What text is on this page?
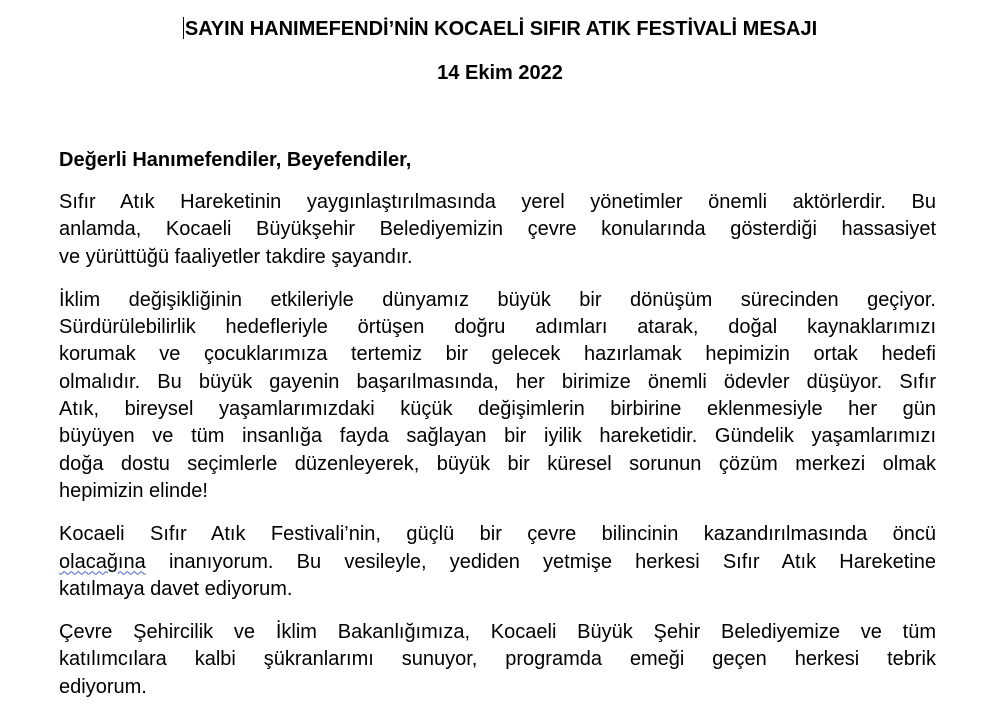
SAYIN HANIMEFENDİ’NİN KOCAELİ SIFIR ATIK FESTİVALİ MESAJI
14 Ekim 2022

Değerli Hanımefendiler, Beyefendiler,

Sıfır Atık Hareketinin yaygınlaştırılmasında yerel yönetimler önemli aktörlerdir. Bu
anlamda, Kocaeli Büyükşehir Belediyemizin çevre konularında gösterdiği hassasiyet
ve yürüttüğü faaliyetler takdire şayandır.
İklim değişikliğinin etkileriyle dünyamız büyük bir dönüşüm sürecinden geçiyor.
Sürdürülebilirlik hedefleriyle örtüşen doğru adımları atarak, doğal kaynaklarımızı
korumak ve çocuklarımıza tertemiz bir gelecek hazırlamak hepimizin ortak hedefi
olmalıdır. Bu büyük gayenin başarılmasında, her birimize önemli ödevler düşüyor. Sıfır
Atık, bireysel yaşamlarımızdaki küçük değişimlerin birbirine eklenmesiyle her gün
büyüyen ve tüm insanlığa fayda sağlayan bir iyilik hareketidir. Gündelik yaşamlarımızı
doğa dostu seçimlerle düzenleyerek, büyük bir küresel sorunun çözüm merkezi olmak
hepimizin elinde!
Kocaeli Sıfır Atık Festivali’nin, güçlü bir çevre bilincinin kazandırılmasında öncü
olacağına inanıyorum. Bu vesileyle, yediden yetmişe herkesi Sıfır Atık Hareketine
katılmaya davet ediyorum.
Çevre Şehircilik ve İklim Bakanlığımıza, Kocaeli Büyük Şehir Belediyemize ve tüm
katılımcılara kalbi şükranlarımı sunuyor, programda emeği geçen herkesi tebrik
ediyorum.
